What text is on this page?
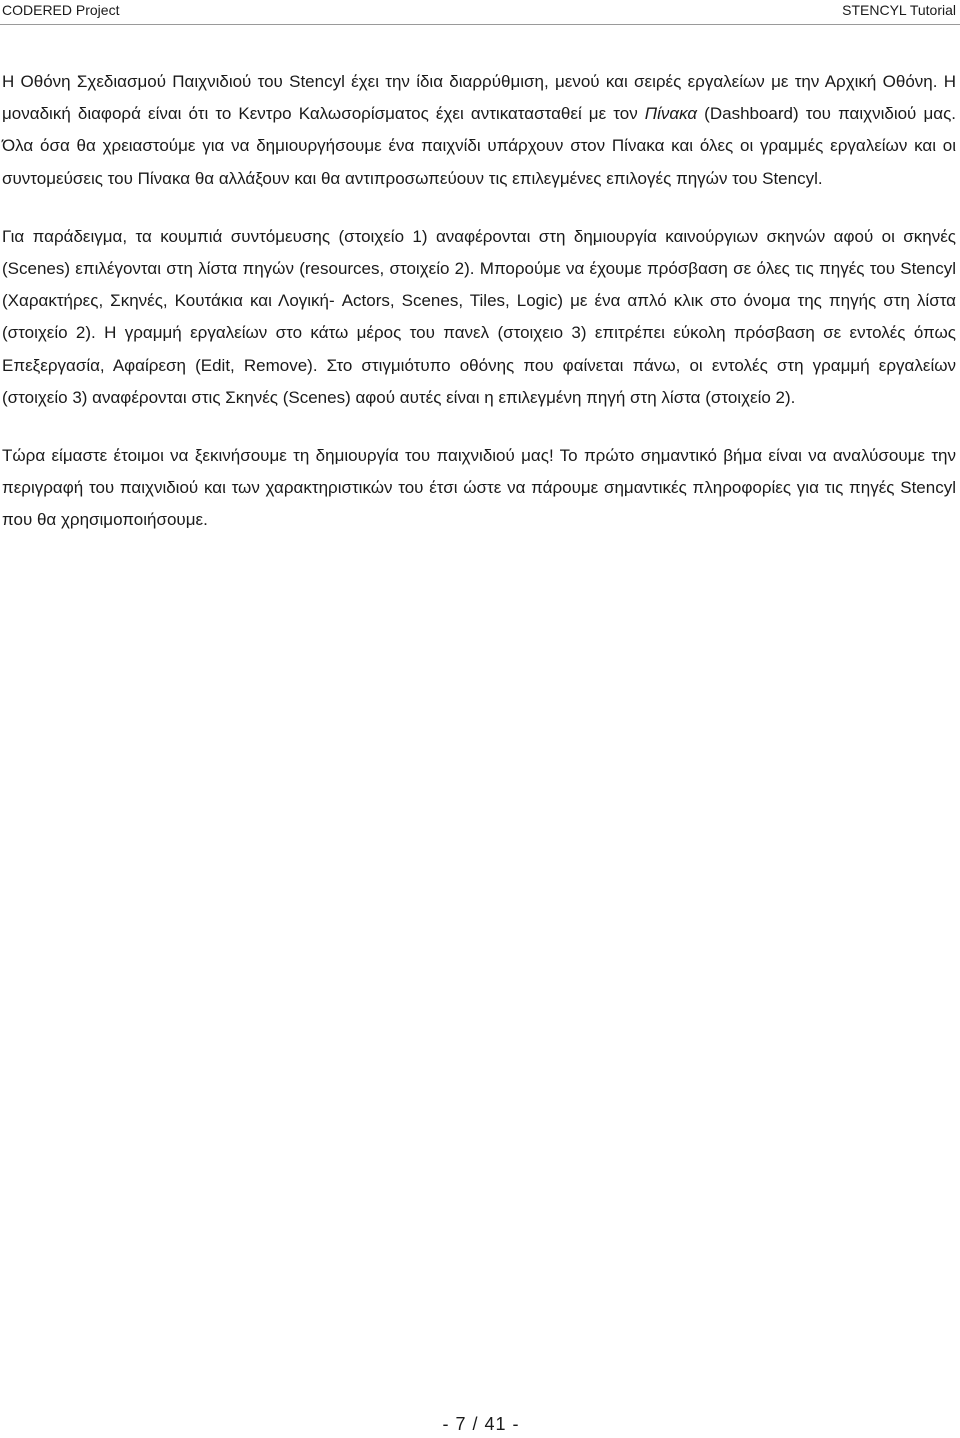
CODERED Project	STENCYL Tutorial

Η Οθόνη Σχεδιασμού Παιχνιδιού του Stencyl έχει την ίδια διαρρύθμιση, μενού και σειρές εργαλείων με την Αρχική Οθόνη. Η μοναδική διαφορά είναι ότι το Κεντρο Καλωσορίσματος έχει αντικατασταθεί με τον Πίνακα (Dashboard) του παιχνιδιού μας. Όλα όσα θα χρειαστούμε για να δημιουργήσουμε ένα παιχνίδι υπάρχουν στον Πίνακα και όλες οι γραμμές εργαλείων και οι συντομεύσεις του Πίνακα θα αλλάξουν και θα αντιπροσωπεύουν τις επιλεγμένες επιλογές πηγών του Stencyl.

Για παράδειγμα, τα κουμπιά συντόμευσης (στοιχείο 1) αναφέρονται στη δημιουργία καινούργιων σκηνών αφού οι σκηνές (Scenes) επιλέγονται στη λίστα πηγών (resources, στοιχείο 2). Μπορούμε να έχουμε πρόσβαση σε όλες τις πηγές του Stencyl (Χαρακτήρες, Σκηνές, Κουτάκια και Λογική- Actors, Scenes, Tiles, Logic) με ένα απλό κλικ στο όνομα της πηγής στη λίστα (στοιχείο 2). Η γραμμή εργαλείων στο κάτω μέρος του πανελ (στοιχειο 3) επιτρέπει εύκολη πρόσβαση σε εντολές όπως Επεξεργασία, Αφαίρεση (Edit, Remove). Στο στιγμιότυπο οθόνης που φαίνεται πάνω, οι εντολές στη γραμμή εργαλείων (στοιχείο 3) αναφέρονται στις Σκηνές (Scenes) αφού αυτές είναι η επιλεγμένη πηγή στη λίστα (στοιχείο 2).

Τώρα είμαστε έτοιμοι να ξεκινήσουμε τη δημιουργία του παιχνιδιού μας! Το πρώτο σημαντικό βήμα είναι να αναλύσουμε την περιγραφή του παιχνιδιού και των χαρακτηριστικών του έτσι ώστε να πάρουμε σημαντικές πληροφορίες για τις πηγές Stencyl που θα χρησιμοποιήσουμε.

- 7 / 41 -
